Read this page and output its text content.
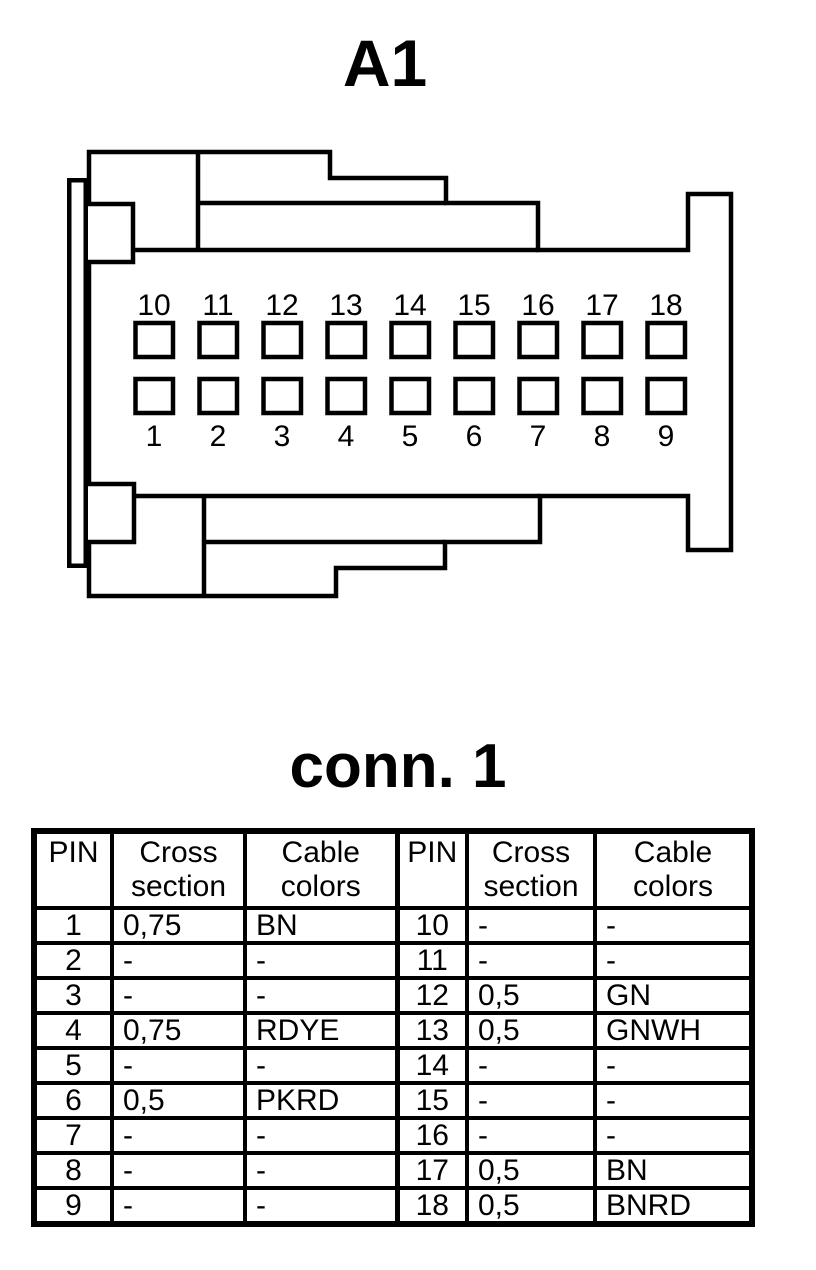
A1
10 11 12 13 14 15 16 17 18
1 2 3 4 5 6 7 8 9
conn. 1
PIN	Cross section	Cable colors	PIN	Cross section	Cable colors
1	0,75	BN	10	-	-
2	-	-	11	-	-
3	-	-	12	0,5	GN
4	0,75	RDYE	13	0,5	GNWH
5	-	-	14	-	-
6	0,5	PKRD	15	-	-
7	-	-	16	-	-
8	-	-	17	0,5	BN
9	-	-	18	0,5	BNRD
